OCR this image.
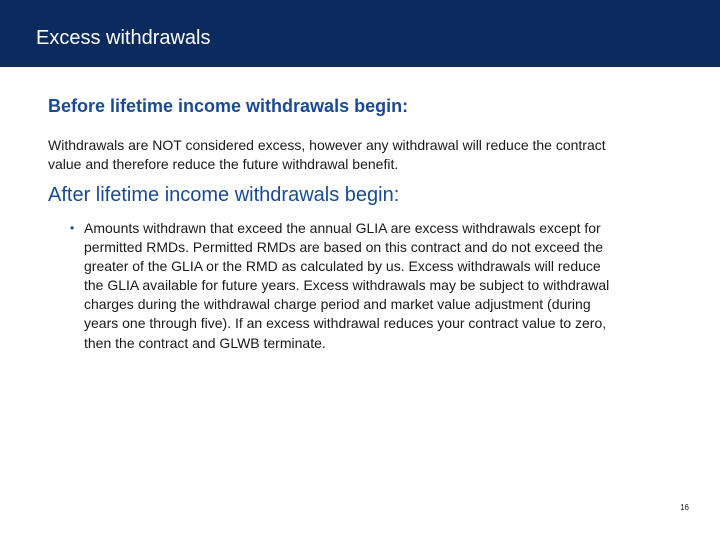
Excess withdrawals
Before lifetime income withdrawals begin:

Withdrawals are NOT considered excess, however any withdrawal will reduce the contract value and therefore reduce the future withdrawal benefit.

After lifetime income withdrawals begin:
• Amounts withdrawn that exceed the annual GLIA are excess withdrawals except for permitted RMDs. Permitted RMDs are based on this contract and do not exceed the greater of the GLIA or the RMD as calculated by us. Excess withdrawals will reduce the GLIA available for future years. Excess withdrawals may be subject to withdrawal charges during the withdrawal charge period and market value adjustment (during years one through five). If an excess withdrawal reduces your contract value to zero, then the contract and GLWB terminate.
16
